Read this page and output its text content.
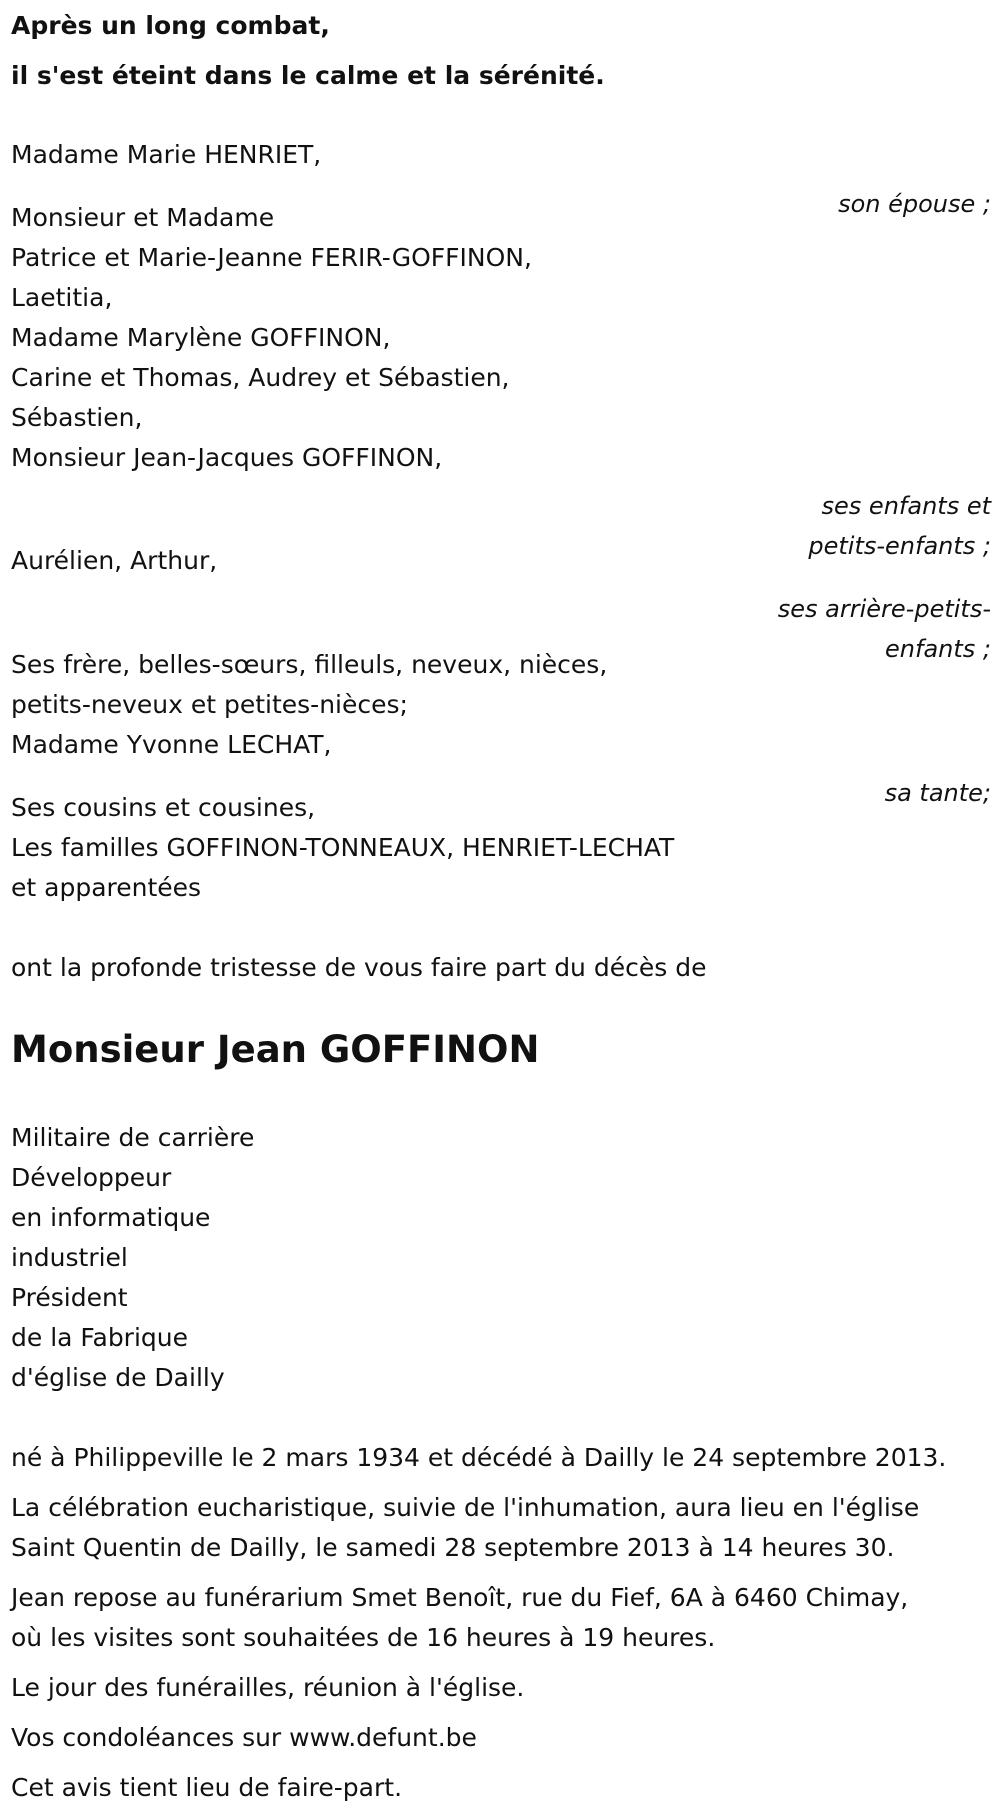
Après un long combat,

il s'est éteint dans le calme et la sérénité.

Madame Marie HENRIET,

son épouse ;

Monsieur et Madame

Patrice et Marie-Jeanne FERIR-GOFFINON,

Laetitia,

Madame Marylène GOFFINON,

Carine et Thomas, Audrey et Sébastien,

Sébastien,

Monsieur Jean-Jacques GOFFINON,

ses enfants et

petits-enfants ;

Aurélien, Arthur,

ses arrière-petits-

enfants ;

Ses frère, belles-sœurs, filleuls, neveux, nièces,

petits-neveux et petites-nièces;

Madame Yvonne LECHAT,

sa tante;

Ses cousins et cousines,

Les familles GOFFINON-TONNEAUX, HENRIET-LECHAT

et apparentées

ont la profonde tristesse de vous faire part du décès de

Monsieur Jean GOFFINON

Militaire de carrière

Développeur

en informatique

industriel

Président

de la Fabrique

d'église de Dailly

né à Philippeville le 2 mars 1934 et décédé à Dailly le 24 septembre 2013.

La célébration eucharistique, suivie de l'inhumation, aura lieu en l'église

Saint Quentin de Dailly, le samedi 28 septembre 2013 à 14 heures 30.

Jean repose au funérarium Smet Benoît, rue du Fief, 6A à 6460 Chimay,

où les visites sont souhaitées de 16 heures à 19 heures.

Le jour des funérailles, réunion à l'église.

Vos condoléances sur www.defunt.be

Cet avis tient lieu de faire-part.
